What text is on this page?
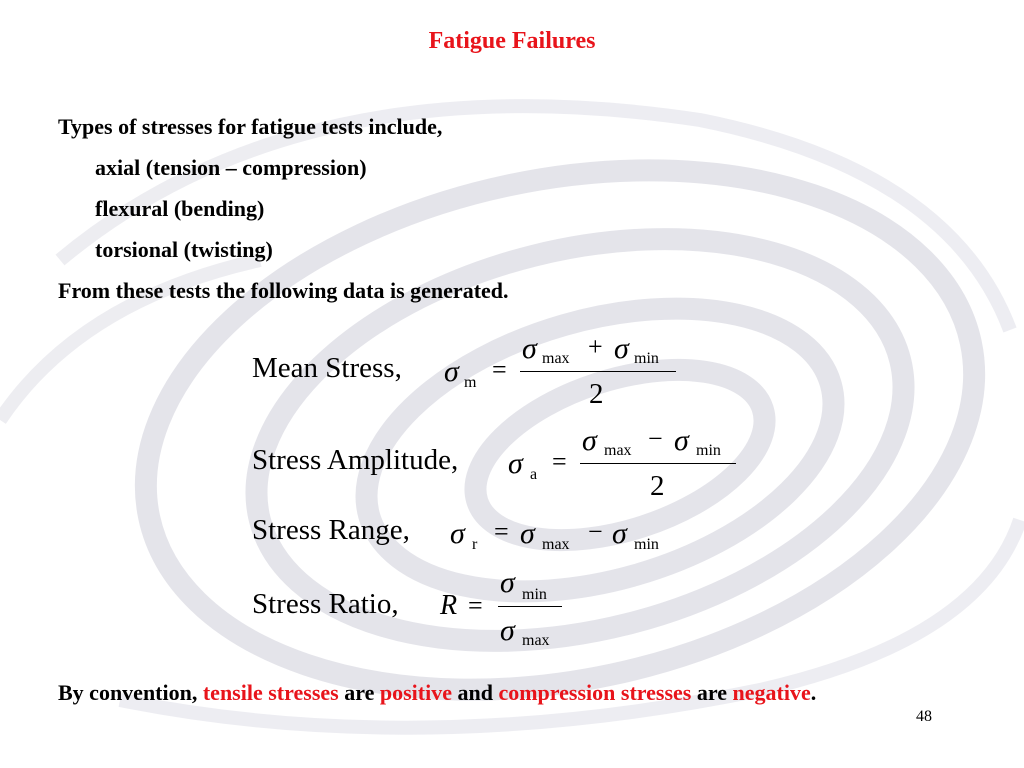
Fatigue Failures
Types of stresses for fatigue tests include,
axial (tension – compression)
flexural (bending)
torsional (twisting)
From these tests the following data is generated.
Mean Stress, σ m =
σ max + σ min
2
Stress Amplitude, σ a =
σ max − σ min
2
Stress Range, σ r = σ max − σ min
Stress Ratio, R =
σ min
σ max
By convention, tensile stresses are positive and compression stresses are negative.
48
